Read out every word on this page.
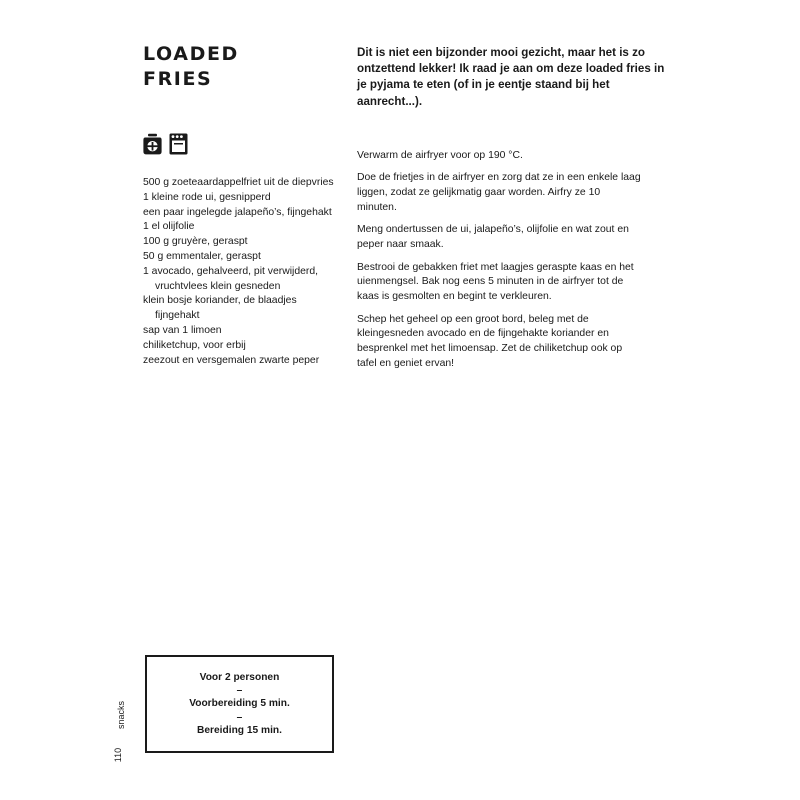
LOADED
FRIES

Dit is niet een bijzonder mooi gezicht, maar het is zo ontzettend lekker! Ik raad je aan om deze loaded fries in je pyjama te eten (of in je eentje staand bij het aanrecht...).

500 g zoeteaardappelfriet uit de diepvries
1 kleine rode ui, gesnipperd
een paar ingelegde jalapeño’s, fijngehakt
1 el olijfolie
100 g gruyère, geraspt
50 g emmentaler, geraspt
1 avocado, gehalveerd, pit verwijderd, vruchtvlees klein gesneden
klein bosje koriander, de blaadjes fijngehakt
sap van 1 limoen
chiliketchup, voor erbij
zeezout en versgemalen zwarte peper

Verwarm de airfryer voor op 190 °C.

Doe de frietjes in de airfryer en zorg dat ze in een enkele laag liggen, zodat ze gelijkmatig gaar worden. Airfry ze 10 minuten.

Meng ondertussen de ui, jalapeño’s, olijfolie en wat zout en peper naar smaak.

Bestrooi de gebakken friet met laagjes geraspte kaas en het uienmengsel. Bak nog eens 5 minuten in de airfryer tot de kaas is gesmolten en begint te verkleuren.

Schep het geheel op een groot bord, beleg met de kleingesneden avocado en de fijngehakte koriander en besprenkel met het limoensap. Zet de chiliketchup ook op tafel en geniet ervan!

Voor 2 personen
–
Voorbereiding 5 min.
–
Bereiding 15 min.
snacks
110
